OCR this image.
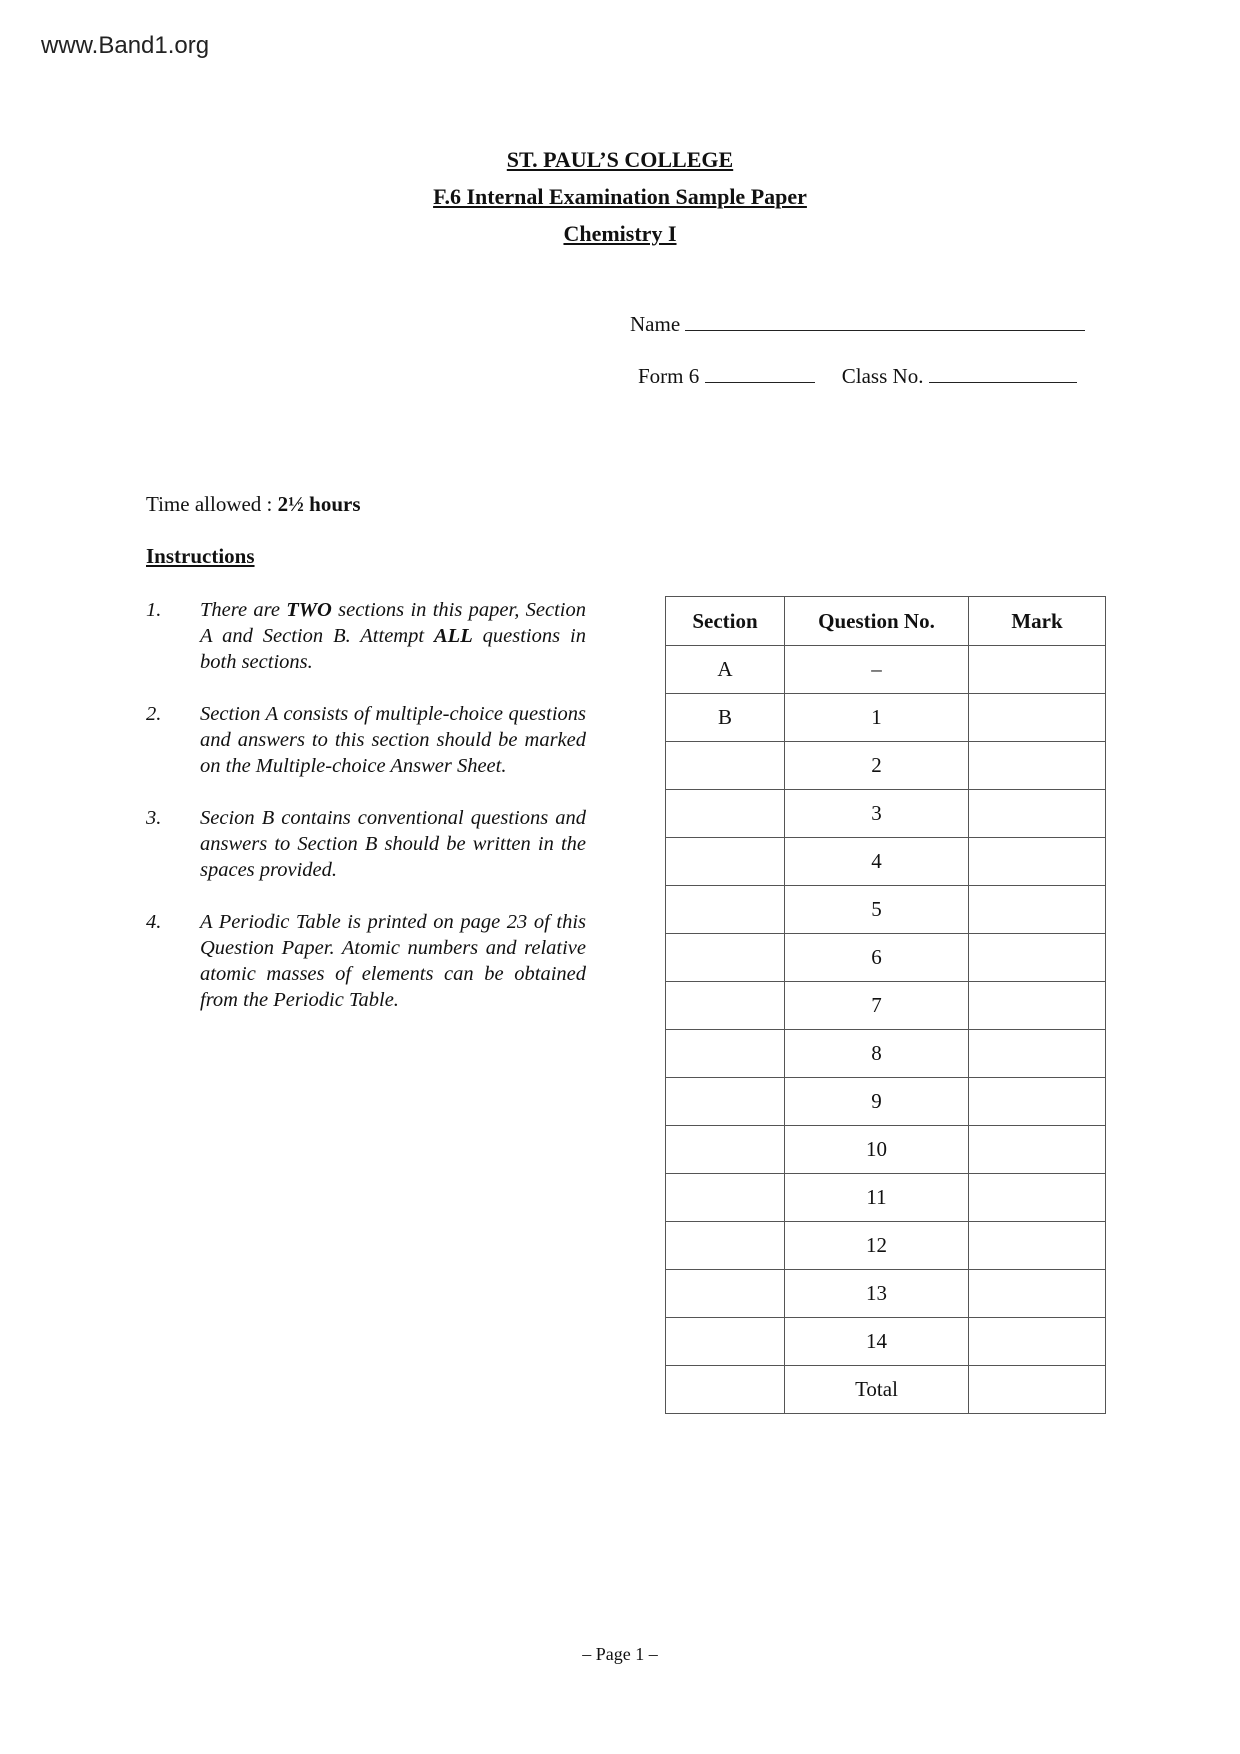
www.Band1.org
ST. PAUL’S COLLEGE
F.6 Internal Examination Sample Paper
Chemistry I
Name
Form 6	Class No.
Time allowed : 2½ hours
Instructions
1.	There are TWO sections in this paper, Section A and Section B. Attempt ALL questions in both sections.
2.	Section A consists of multiple-choice questions and answers to this section should be marked on the Multiple-choice Answer Sheet.
3.	Secion B contains conventional questions and answers to Section B should be written in the spaces provided.
4.	A Periodic Table is printed on page 23 of this Question Paper. Atomic numbers and relative atomic masses of elements can be obtained from the Periodic Table.
Section	Question No.	Mark
A	–	
B	1	
	2	
	3	
	4	
	5	
	6	
	7	
	8	
	9	
	10	
	11	
	12	
	13	
	14	
	Total	
– Page 1 –
